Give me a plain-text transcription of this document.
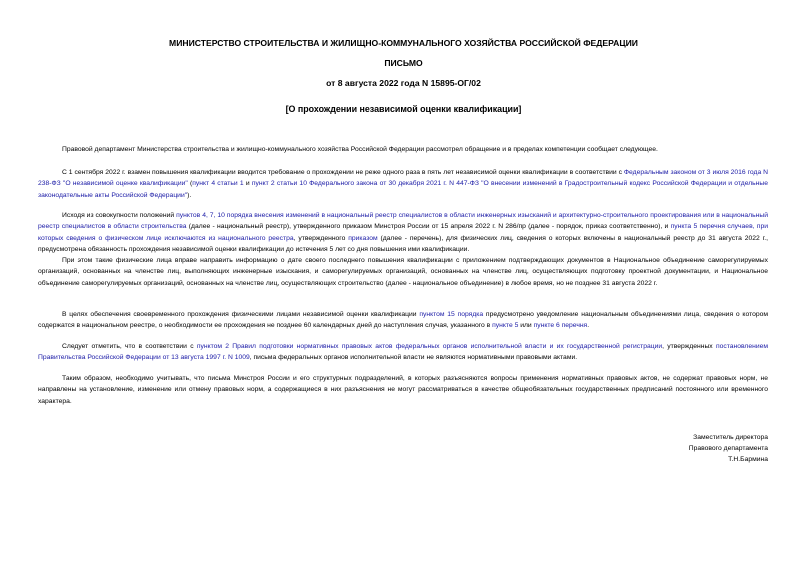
МИНИСТЕРСТВО СТРОИТЕЛЬСТВА И ЖИЛИЩНО-КОММУНАЛЬНОГО ХОЗЯЙСТВА РОССИЙСКОЙ ФЕДЕРАЦИИ
ПИСЬМО
от 8 августа 2022 года N 15895-ОГ/02
[О прохождении независимой оценки квалификации]

Правовой департамент Министерства строительства и жилищно-коммунального хозяйства Российской Федерации рассмотрел обращение и в пределах компетенции сообщает следующее.

С 1 сентября 2022 г. взамен повышения квалификации вводится требование о прохождении не реже одного раза в пять лет независимой оценки квалификации в соответствии с Федеральным законом от 3 июля 2016 года N 238-ФЗ "О независимой оценке квалификации" (пункт 4 статьи 1 и пункт 2 статьи 10 Федерального закона от 30 декабря 2021 г. N 447-ФЗ "О внесении изменений в Градостроительный кодекс Российской Федерации и отдельные законодательные акты Российской Федерации").

Исходя из совокупности положений пунктов 4, 7, 10 порядка внесения изменений в национальный реестр специалистов в области инженерных изысканий и архитектурно-строительного проектирования или в национальный реестр специалистов в области строительства (далее - национальный реестр), утвержденного приказом Минстроя России от 15 апреля 2022 г. N 286/пр (далее - порядок, приказ соответственно), и пункта 5 перечня случаев, при которых сведения о физическом лице исключаются из национального реестра, утвержденного приказом (далее - перечень), для физических лиц, сведения о которых включены в национальный реестр до 31 августа 2022 г., предусмотрена обязанность прохождения независимой оценки квалификации до истечения 5 лет со дня повышения ими квалификации.

При этом такие физические лица вправе направить информацию о дате своего последнего повышения квалификации с приложением подтверждающих документов в Национальное объединение саморегулируемых организаций, основанных на членстве лиц, выполняющих инженерные изыскания, и саморегулируемых организаций, основанных на членстве лиц, осуществляющих подготовку проектной документации, и Национальное объединение саморегулируемых организаций, основанных на членстве лиц, осуществляющих строительство (далее - национальное объединение) в любое время, но не позднее 31 августа 2022 г.

В целях обеспечения своевременного прохождения физическими лицами независимой оценки квалификации пунктом 15 порядка предусмотрено уведомление национальным объединениями лица, сведения о котором содержатся в национальном реестре, о необходимости ее прохождения не позднее 60 календарных дней до наступления случая, указанного в пункте 5 или пункте 6 перечня.

Следует отметить, что в соответствии с пунктом 2 Правил подготовки нормативных правовых актов федеральных органов исполнительной власти и их государственной регистрации, утвержденных постановлением Правительства Российской Федерации от 13 августа 1997 г. N 1009, письма федеральных органов исполнительной власти не являются нормативными правовыми актами.

Таким образом, необходимо учитывать, что письма Минстроя России и его структурных подразделений, в которых разъясняются вопросы применения нормативных правовых актов, не содержат правовых норм, не направлены на установление, изменение или отмену правовых норм, а содержащиеся в них разъяснения не могут рассматриваться в качестве общеобязательных государственных предписаний постоянного или временного характера.

Заместитель директора
Правового департамента
Т.Н.Бармина
